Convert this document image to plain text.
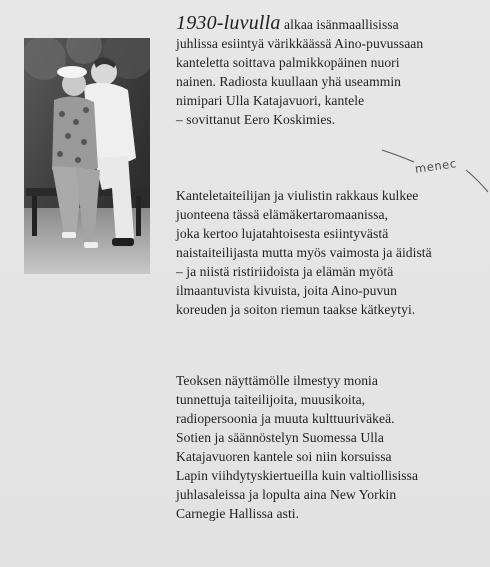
1930-luvulla alkaa isänmaallisissa
juhlissa esiintyä värikkäässä Aino-puvussaan
kanteletta soittava palmikkopäinen nuori
nainen. Radiosta kuullaan yhä useammin
nimipari Ulla Katajavuori, kantele
– sovittanut Eero Koskimies.

Kanteletaiteilijan ja viulistin rakkaus kulkee
juonteena tässä elämäkertaromaanissa,
joka kertoo lujatahtoisesta esiintyvästä
naistaiteilijasta mutta myös vaimosta ja äidistä
– ja niistä ristiriidoista ja elämän myötä
ilmaantuvista kivuista, joita Aino-puvun
koreuden ja soiton riemun taakse kätkeytyi.

Teoksen näyttämölle ilmestyy monia
tunnettuja taiteilijoita, muusikoita,
radiopersoonia ja muuta kulttuuriväkeä.
Sotien ja säännöstelyn Suomessa Ulla
Katajavuoren kantele soi niin korsuissa
Lapin viihdytyskiertueilla kuin valtiollisissa
juhlasaleissa ja lopulta aina New Yorkin
Carnegie Hallissa asti.

menec
